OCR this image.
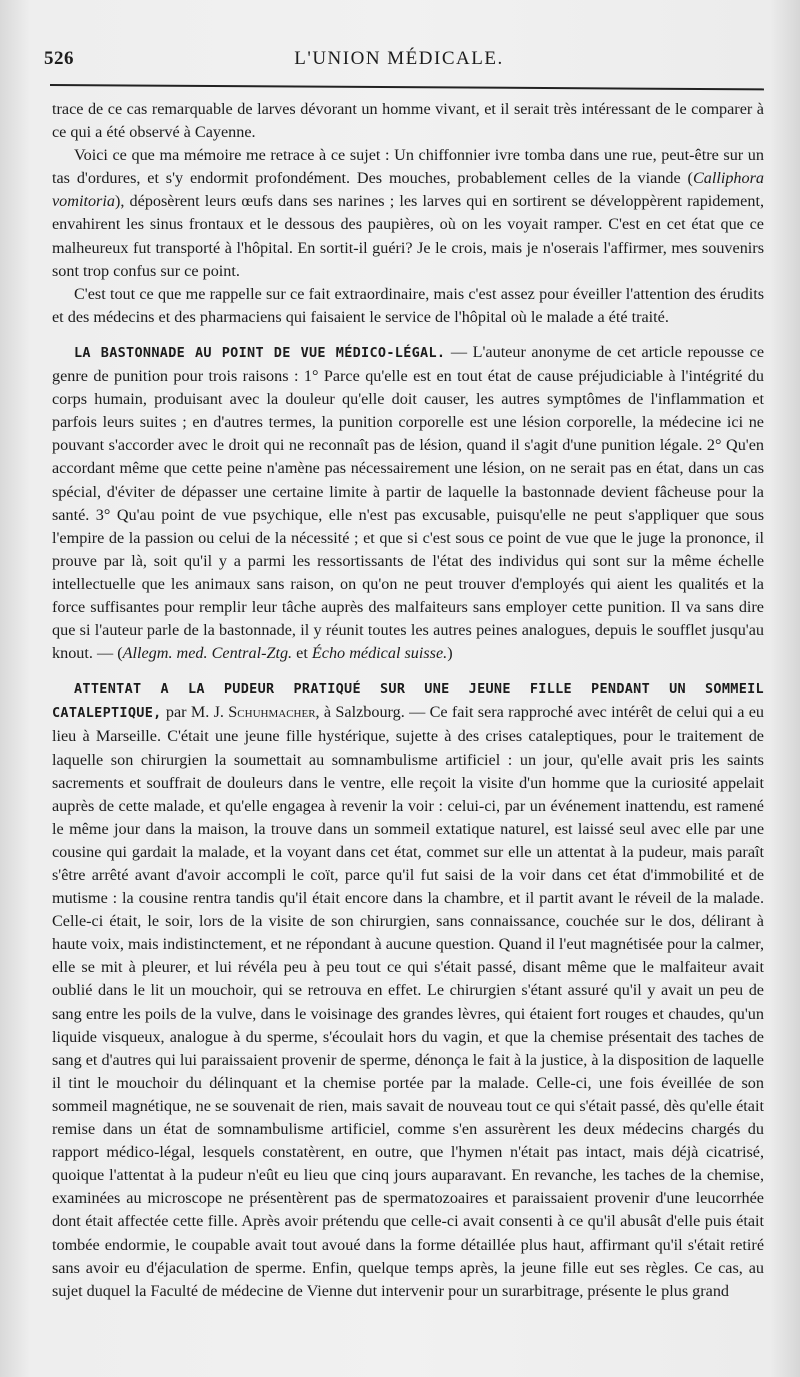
526	L'UNION MÉDICALE.

trace de ce cas remarquable de larves dévorant un homme vivant, et il serait très intéressant de le comparer à ce qui a été observé à Cayenne.

Voici ce que ma mémoire me retrace à ce sujet : Un chiffonnier ivre tomba dans une rue, peut-être sur un tas d'ordures, et s'y endormit profondément. Des mouches, probablement celles de la viande (Calliphora vomitoria), déposèrent leurs œufs dans ses narines ; les larves qui en sortirent se développèrent rapidement, envahirent les sinus frontaux et le dessous des paupières, où on les voyait ramper. C'est en cet état que ce malheureux fut transporté à l'hôpital. En sortit-il guéri? Je le crois, mais je n'oserais l'affirmer, mes souvenirs sont trop confus sur ce point.

C'est tout ce que me rappelle sur ce fait extraordinaire, mais c'est assez pour éveiller l'attention des érudits et des médecins et des pharmaciens qui faisaient le service de l'hôpital où le malade a été traité.

LA BASTONNADE AU POINT DE VUE MÉDICO-LÉGAL. — L'auteur anonyme de cet article repousse ce genre de punition pour trois raisons : 1° Parce qu'elle est en tout état de cause préjudiciable à l'intégrité du corps humain, produisant avec la douleur qu'elle doit causer, les autres symptômes de l'inflammation et parfois leurs suites ; en d'autres termes, la punition corporelle est une lésion corporelle, la médecine ici ne pouvant s'accorder avec le droit qui ne reconnaît pas de lésion, quand il s'agit d'une punition légale. 2° Qu'en accordant même que cette peine n'amène pas nécessairement une lésion, on ne serait pas en état, dans un cas spécial, d'éviter de dépasser une certaine limite à partir de laquelle la bastonnade devient fâcheuse pour la santé. 3° Qu'au point de vue psychique, elle n'est pas excusable, puisqu'elle ne peut s'appliquer que sous l'empire de la passion ou celui de la nécessité ; et que si c'est sous ce point de vue que le juge la prononce, il prouve par là, soit qu'il y a parmi les ressortissants de l'état des individus qui sont sur la même échelle intellectuelle que les animaux sans raison, on qu'on ne peut trouver d'employés qui aient les qualités et la force suffisantes pour remplir leur tâche auprès des malfaiteurs sans employer cette punition. Il va sans dire que si l'auteur parle de la bastonnade, il y réunit toutes les autres peines analogues, depuis le soufflet jusqu'au knout. — (Allegm. med. Central-Ztg. et Écho médical suisse.)

ATTENTAT A LA PUDEUR PRATIQUÉ SUR UNE JEUNE FILLE PENDANT UN SOMMEIL CATALEPTIQUE, par M. J. Schuhmacher, à Salzbourg. — Ce fait sera rapproché avec intérêt de celui qui a eu lieu à Marseille. C'était une jeune fille hystérique, sujette à des crises cataleptiques, pour le traitement de laquelle son chirurgien la soumettait au somnambulisme artificiel : un jour, qu'elle avait pris les saints sacrements et souffrait de douleurs dans le ventre, elle reçoit la visite d'un homme que la curiosité appelait auprès de cette malade, et qu'elle engagea à revenir la voir : celui-ci, par un événement inattendu, est ramené le même jour dans la maison, la trouve dans un sommeil extatique naturel, est laissé seul avec elle par une cousine qui gardait la malade, et la voyant dans cet état, commet sur elle un attentat à la pudeur, mais paraît s'être arrêté avant d'avoir accompli le coït, parce qu'il fut saisi de la voir dans cet état d'immobilité et de mutisme : la cousine rentra tandis qu'il était encore dans la chambre, et il partit avant le réveil de la malade. Celle-ci était, le soir, lors de la visite de son chirurgien, sans connaissance, couchée sur le dos, délirant à haute voix, mais indistinctement, et ne répondant à aucune question. Quand il l'eut magnétisée pour la calmer, elle se mit à pleurer, et lui révéla peu à peu tout ce qui s'était passé, disant même que le malfaiteur avait oublié dans le lit un mouchoir, qui se retrouva en effet. Le chirurgien s'étant assuré qu'il y avait un peu de sang entre les poils de la vulve, dans le voisinage des grandes lèvres, qui étaient fort rouges et chaudes, qu'un liquide visqueux, analogue à du sperme, s'écoulait hors du vagin, et que la chemise présentait des taches de sang et d'autres qui lui paraissaient provenir de sperme, dénonça le fait à la justice, à la disposition de laquelle il tint le mouchoir du délinquant et la chemise portée par la malade. Celle-ci, une fois éveillée de son sommeil magnétique, ne se souvenait de rien, mais savait de nouveau tout ce qui s'était passé, dès qu'elle était remise dans un état de somnambulisme artificiel, comme s'en assurèrent les deux médecins chargés du rapport médico-légal, lesquels constatèrent, en outre, que l'hymen n'était pas intact, mais déjà cicatrisé, quoique l'attentat à la pudeur n'eût eu lieu que cinq jours auparavant. En revanche, les taches de la chemise, examinées au microscope ne présentèrent pas de spermatozoaires et paraissaient provenir d'une leucorrhée dont était affectée cette fille. Après avoir prétendu que celle-ci avait consenti à ce qu'il abusât d'elle puis était tombée endormie, le coupable avait tout avoué dans la forme détaillée plus haut, affirmant qu'il s'était retiré sans avoir eu d'éjaculation de sperme. Enfin, quelque temps après, la jeune fille eut ses règles. Ce cas, au sujet duquel la Faculté de médecine de Vienne dut intervenir pour un surarbitrage, présente le plus grand
